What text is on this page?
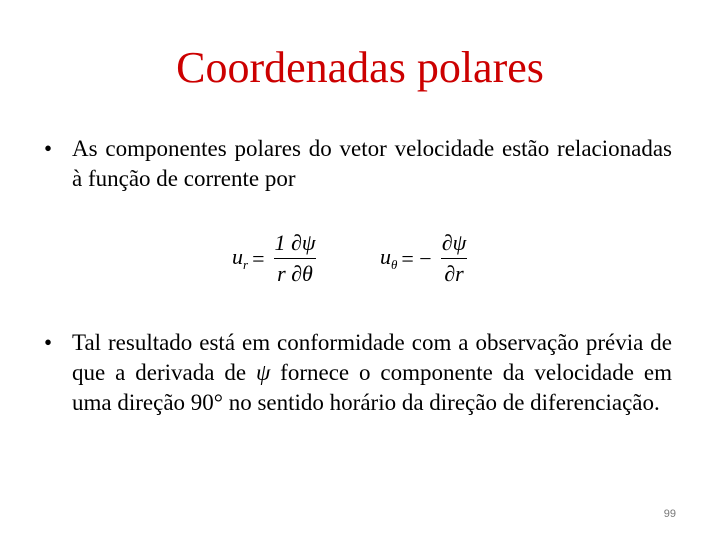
Coordenadas polares
• As componentes polares do vetor velocidade estão relacionadas à função de corrente por
$u_r = \frac{1 \partial\psi}{r \partial\theta}$	$u_\theta$ = − $\frac{\partial\psi}{\partial r}$
• Tal resultado está em conformidade com a observação prévia de que a derivada de ψ fornece o componente da velocidade em uma direção 90° no sentido horário da direção de diferenciação.
99
